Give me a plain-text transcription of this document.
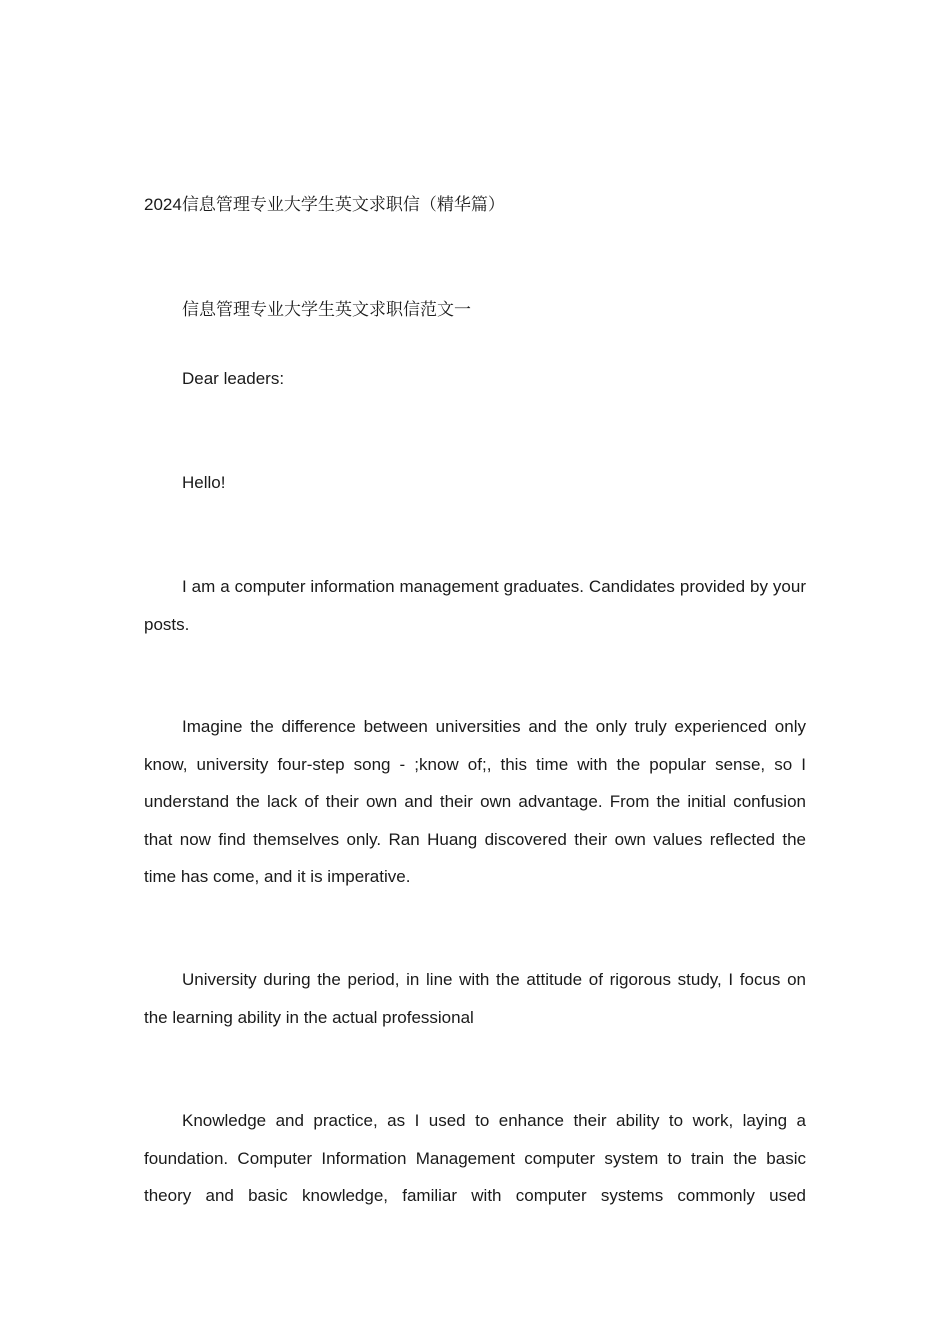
2024信息管理专业大学生英文求职信（精华篇）
信息管理专业大学生英文求职信范文一
Dear leaders:
Hello!
I am a computer information management graduates. Candidates provided by your posts.
Imagine the difference between universities and the only truly experienced only know, university four-step song - ;know of;, this time with the popular sense, so I understand the lack of their own and their own advantage. From the initial confusion that now find themselves only. Ran Huang discovered their own values reflected the time has come, and it is imperative.
University during the period, in line with the attitude of rigorous study, I focus on the learning ability in the actual professional
Knowledge and practice, as I used to enhance their ability to work, laying a foundation. Computer Information Management computer system to train the basic theory and basic knowledge, familiar with computer systems commonly used
